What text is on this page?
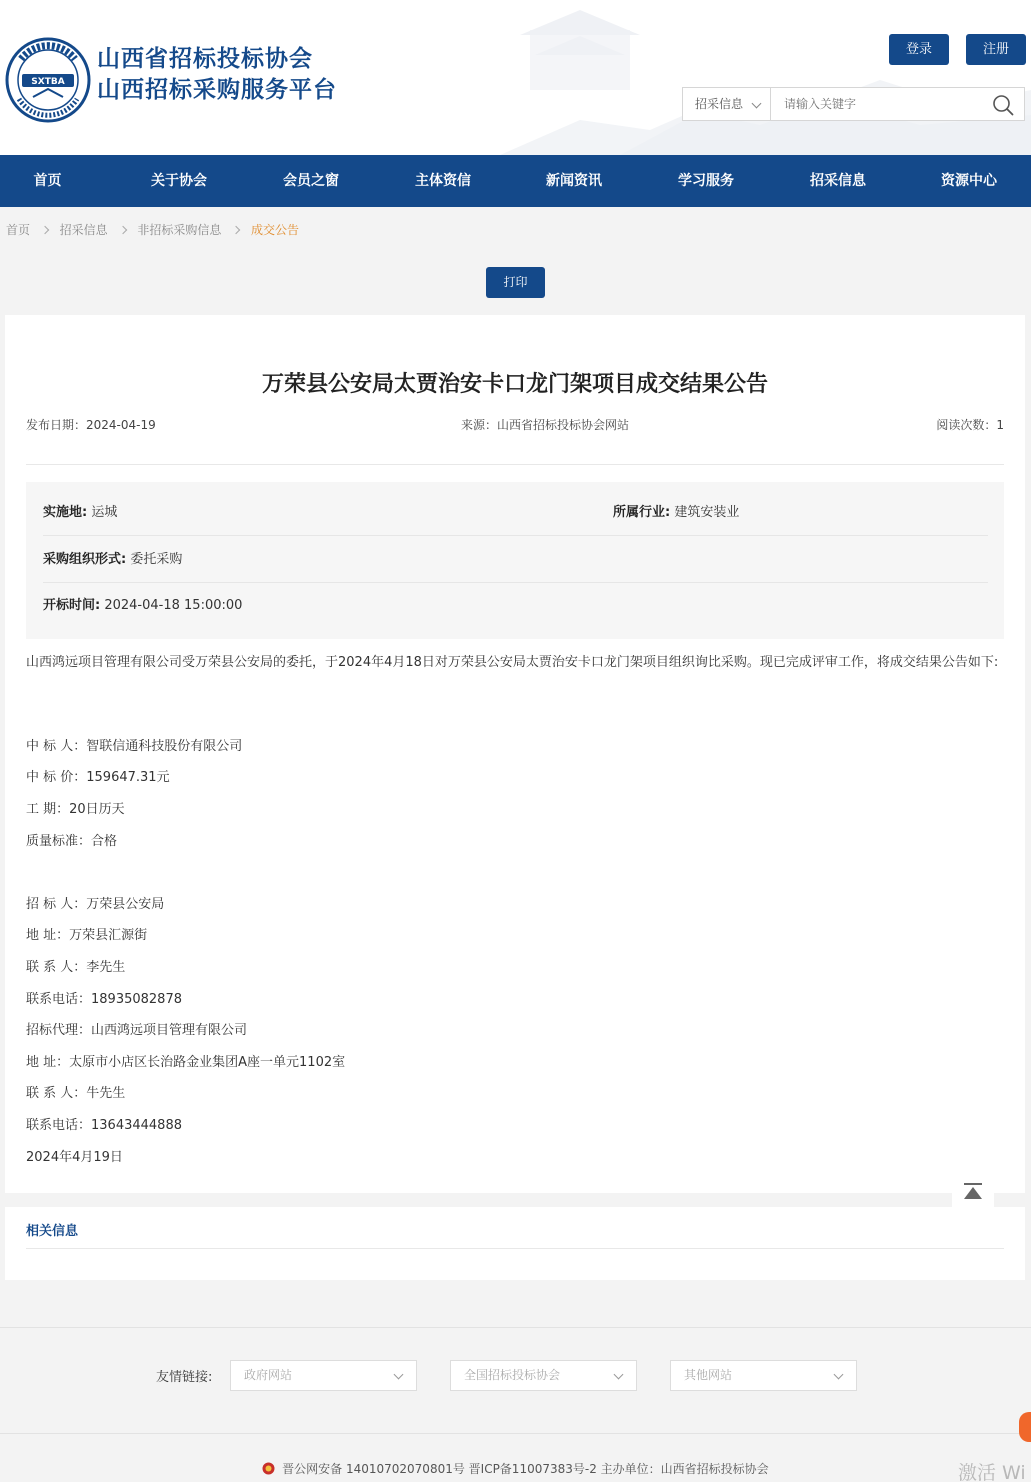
SXTBA
山西省招标投标协会
山西招标采购服务平台
登录	注册
招采信息
请输入关键字
首页	关于协会	会员之窗	主体资信	新闻资讯	学习服务	招采信息	资源中心
首页 招采信息 非招标采购信息 成交公告
打印
万荣县公安局太贾治安卡口龙门架项目成交结果公告
发布日期：2024-04-19	来源：山西省招标投标协会网站	阅读次数：1
实施地: 运城	所属行业: 建筑安装业
采购组织形式: 委托采购
开标时间: 2024-04-18 15:00:00
山西鸿远项目管理有限公司受万荣县公安局的委托，于2024年4月18日对万荣县公安局太贾治安卡口龙门架项目组织询比采购。现已完成评审工作，将成交结果公告如下:
中 标 人：智联信通科技股份有限公司
中 标 价：159647.31元
工 期：20日历天
质量标准：合格
招 标 人：万荣县公安局
地 址：万荣县汇源街
联 系 人：李先生
联系电话：18935082878
招标代理：山西鸿远项目管理有限公司
地 址：太原市小店区长治路金业集团A座一单元1102室
联 系 人：牛先生
联系电话：13643444888
2024年4月19日
相关信息
友情链接:	政府网站	全国招标投标协会	其他网站
晋公网安备 14010702070801号 晋ICP备11007383号-2 主办单位：山西省招标投标协会	激活 Wi
